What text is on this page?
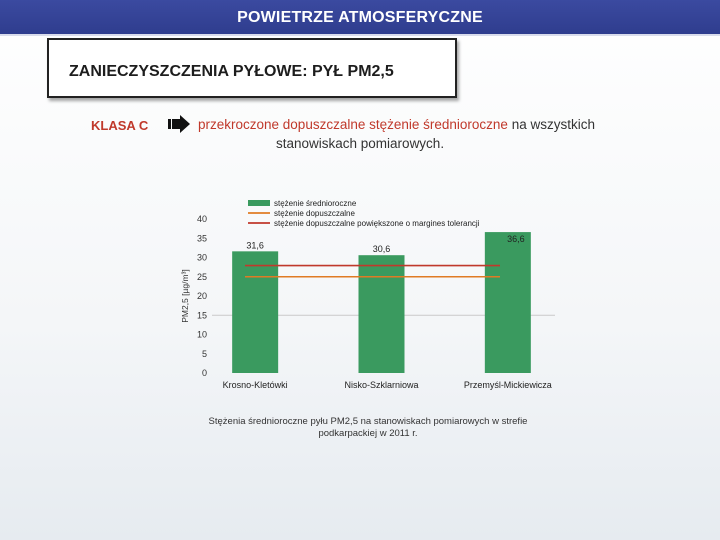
POWIETRZE ATMOSFERYCZNE
ZANIECZYSZCZENIA PYŁOWE: PYŁ PM2,5
KLASA C	przekroczone dopuszczalne stężenie średnioroczne na wszystkich
stanowiskach pomiarowych.
stężenie średnioroczne
stężenie dopuszczalne
stężenie dopuszczalne powiększone o margines tolerancji
0
5
10
15
20
25
30
35
40
PM2,5 [µg/m³]
31,6	30,6
36,6
Krosno-Kletówki	Nisko-Szklarniowa	Przemyśl-Mickiewicza
Stężenia średnioroczne pyłu PM2,5 na stanowiskach pomiarowych w strefie
podkarpackiej w 2011 r.
